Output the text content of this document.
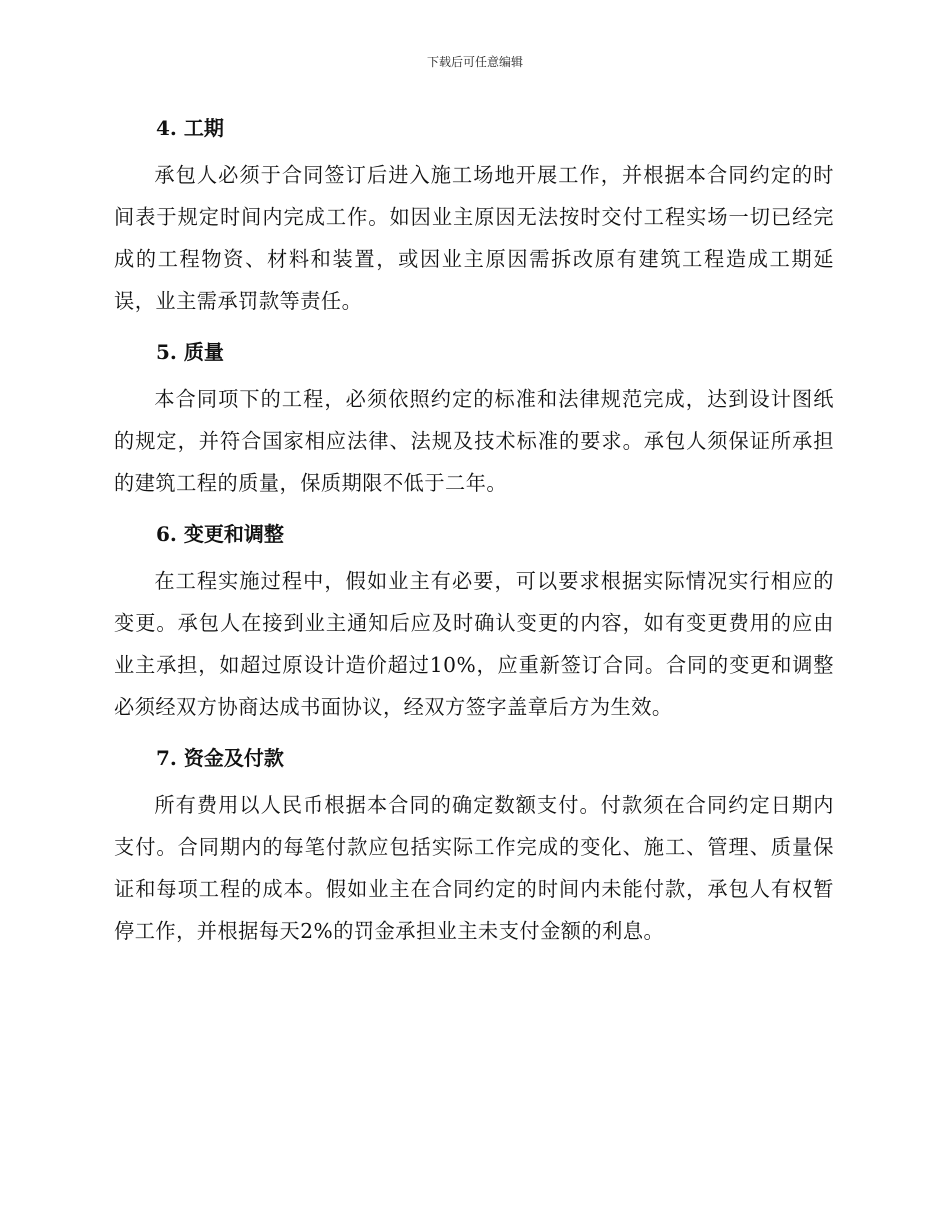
下载后可任意编辑
4. 工期

承包人必须于合同签订后进入施工场地开展工作，并根据本合同约定的时间表于规定时间内完成工作。如因业主原因无法按时交付工程实场一切已经完成的工程物资、材料和装置，或因业主原因需拆改原有建筑工程造成工期延误，业主需承罚款等责任。

5. 质量

本合同项下的工程，必须依照约定的标准和法律规范完成，达到设计图纸的规定，并符合国家相应法律、法规及技术标准的要求。承包人须保证所承担的建筑工程的质量，保质期限不低于二年。

6. 变更和调整

在工程实施过程中，假如业主有必要，可以要求根据实际情况实行相应的变更。承包人在接到业主通知后应及时确认变更的内容，如有变更费用的应由业主承担，如超过原设计造价超过10%，应重新签订合同。合同的变更和调整必须经双方协商达成书面协议，经双方签字盖章后方为生效。

7. 资金及付款

所有费用以人民币根据本合同的确定数额支付。付款须在合同约定日期内支付。合同期内的每笔付款应包括实际工作完成的变化、施工、管理、质量保证和每项工程的成本。假如业主在合同约定的时间内未能付款，承包人有权暂停工作，并根据每天2%的罚金承担业主未支付金额的利息。
